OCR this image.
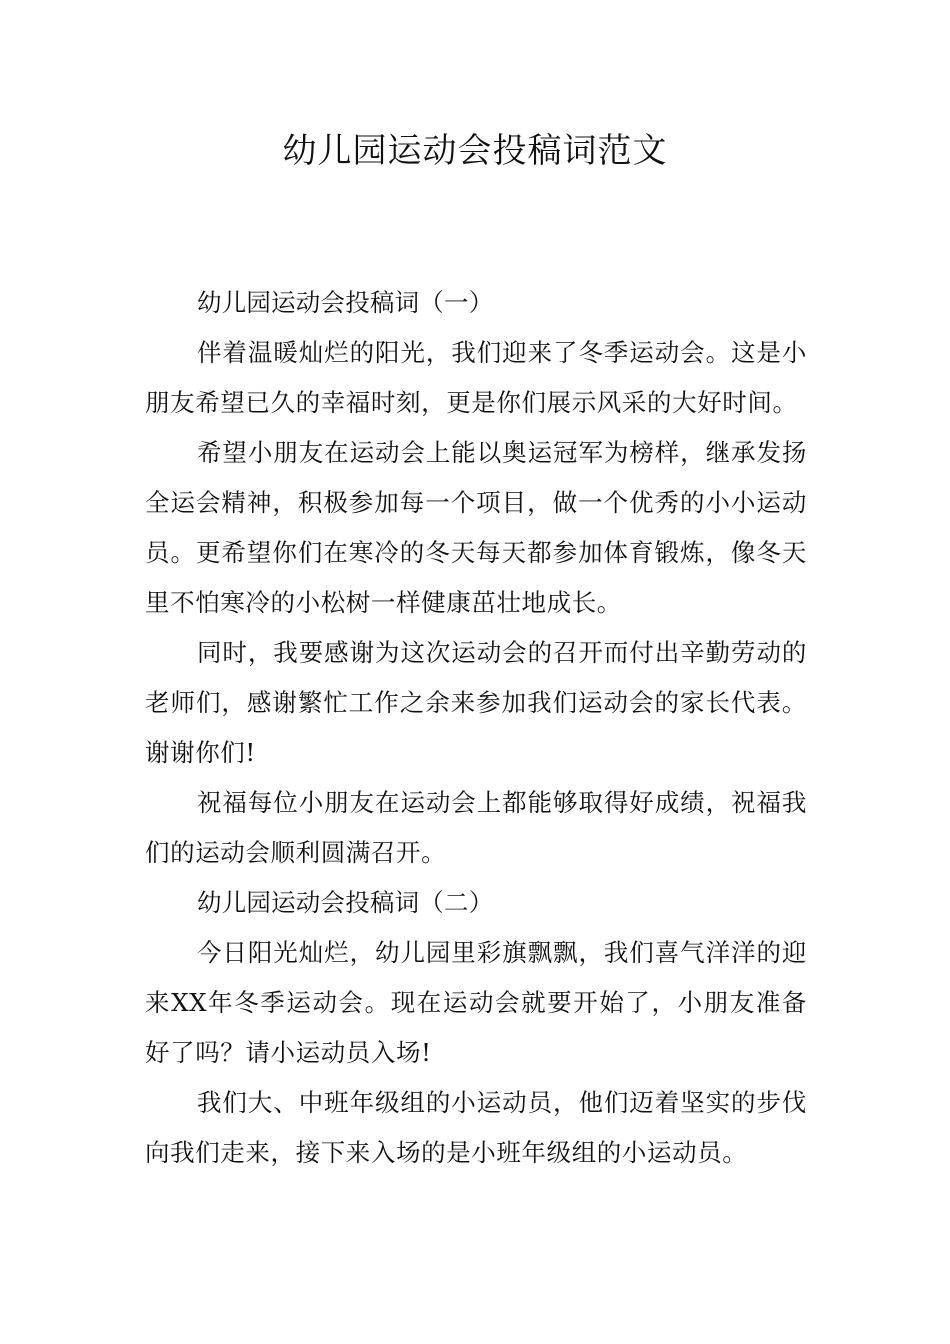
幼儿园运动会投稿词范文

幼儿园运动会投稿词（一）

伴着温暖灿烂的阳光，我们迎来了冬季运动会。这是小朋友希望已久的幸福时刻，更是你们展示风采的大好时间。

希望小朋友在运动会上能以奥运冠军为榜样，继承发扬全运会精神，积极参加每一个项目，做一个优秀的小小运动员。更希望你们在寒冷的冬天每天都参加体育锻炼，像冬天里不怕寒冷的小松树一样健康茁壮地成长。

同时，我要感谢为这次运动会的召开而付出辛勤劳动的老师们，感谢繁忙工作之余来参加我们运动会的家长代表。谢谢你们!

祝福每位小朋友在运动会上都能够取得好成绩，祝福我们的运动会顺利圆满召开。

幼儿园运动会投稿词（二）

今日阳光灿烂，幼儿园里彩旗飘飘，我们喜气洋洋的迎来XX年冬季运动会。现在运动会就要开始了，小朋友准备好了吗？请小运动员入场!

我们大、中班年级组的小运动员，他们迈着坚实的步伐向我们走来，接下来入场的是小班年级组的小运动员。
